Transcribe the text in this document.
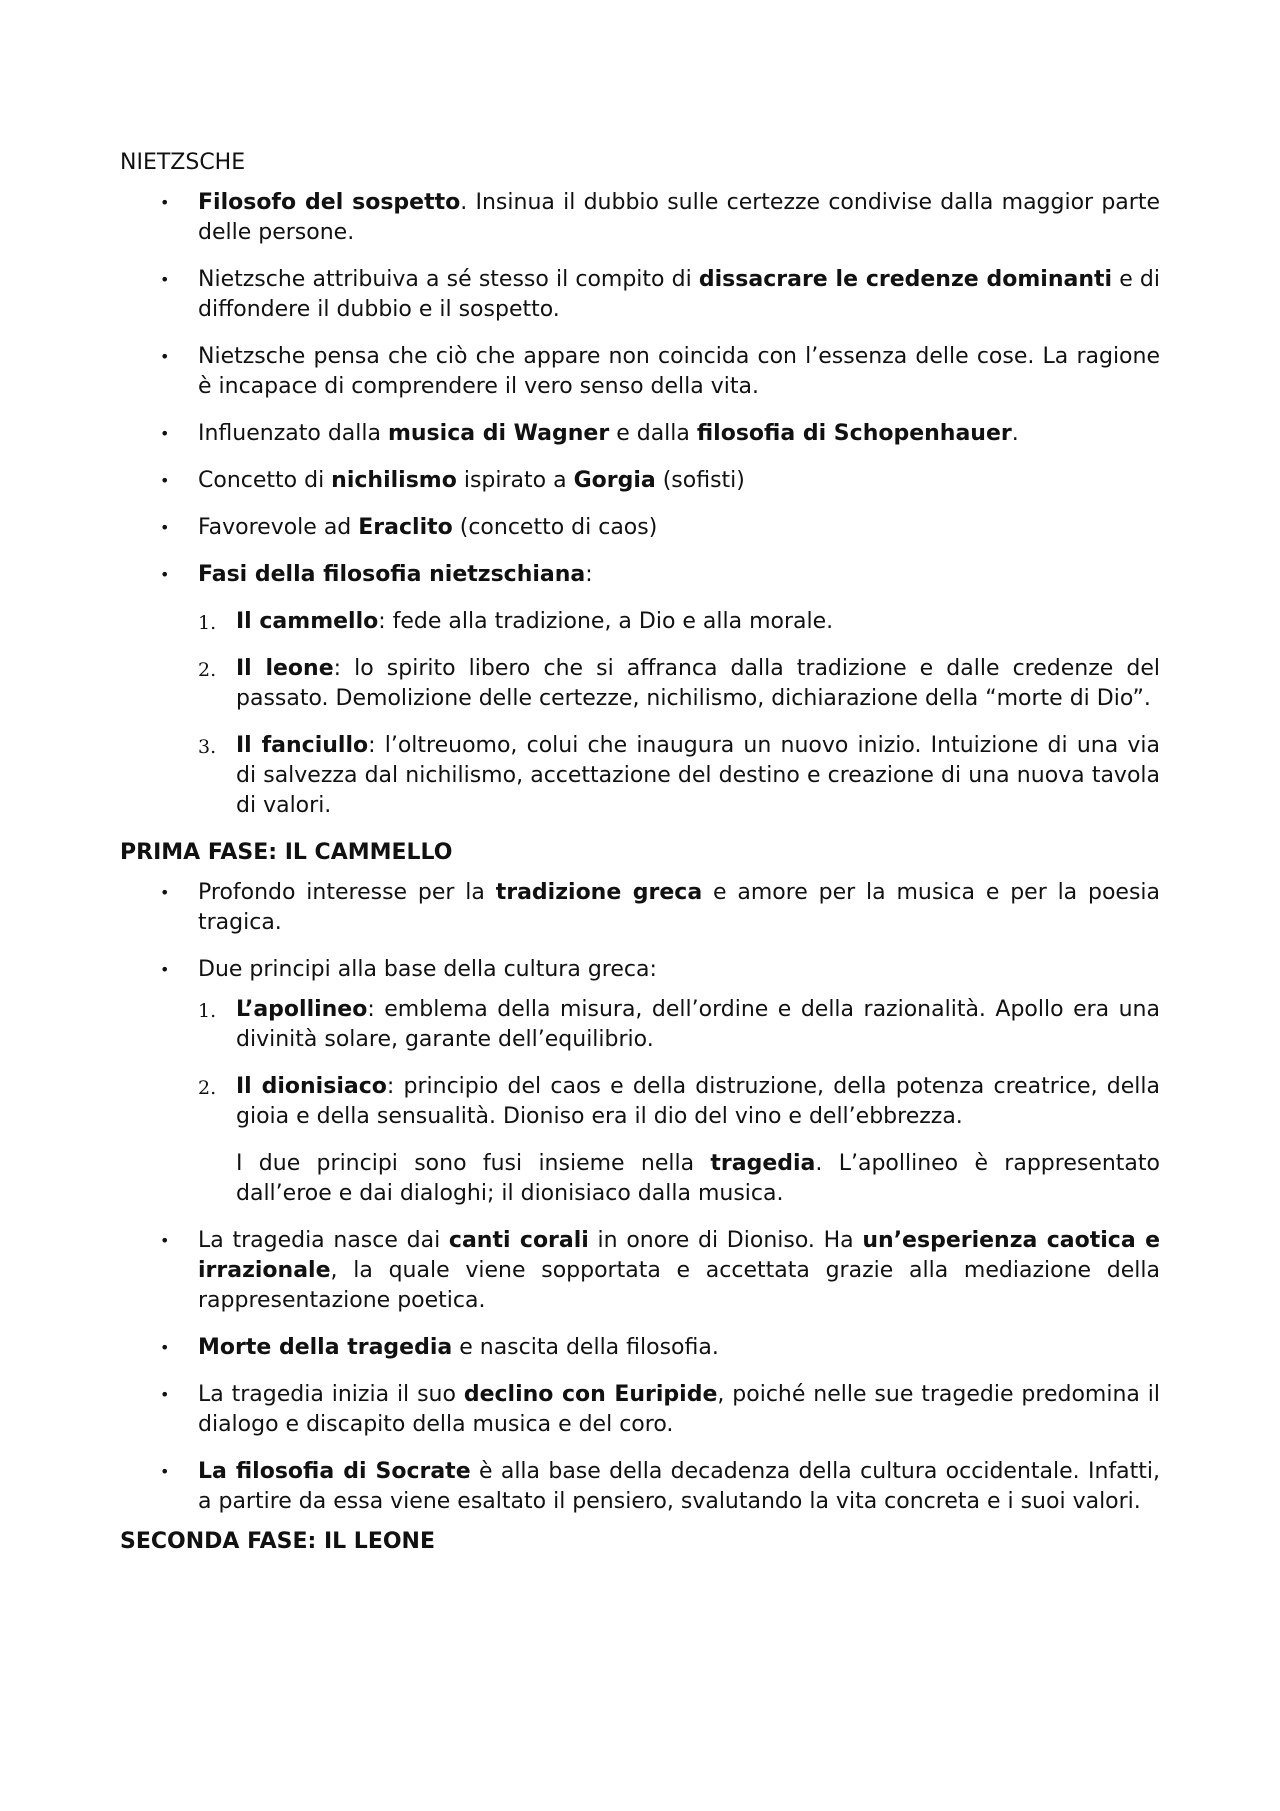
NIETZSCHE
• Filosofo del sospetto. Insinua il dubbio sulle certezze condivise dalla maggior parte delle persone.
• Nietzsche attribuiva a sé stesso il compito di dissacrare le credenze dominanti e di diffondere il dubbio e il sospetto.
• Nietzsche pensa che ciò che appare non coincida con l’essenza delle cose. La ragione è incapace di comprendere il vero senso della vita.
• Influenzato dalla musica di Wagner e dalla filosofia di Schopenhauer.
• Concetto di nichilismo ispirato a Gorgia (sofisti)
• Favorevole ad Eraclito (concetto di caos)
• Fasi della filosofia nietzschiana:
1. Il cammello: fede alla tradizione, a Dio e alla morale.
2. Il leone: lo spirito libero che si affranca dalla tradizione e dalle credenze del passato. Demolizione delle certezze, nichilismo, dichiarazione della “morte di Dio”.
3. Il fanciullo: l’oltreuomo, colui che inaugura un nuovo inizio. Intuizione di una via di salvezza dal nichilismo, accettazione del destino e creazione di una nuova tavola di valori.
PRIMA FASE: IL CAMMELLO
• Profondo interesse per la tradizione greca e amore per la musica e per la poesia tragica.
• Due principi alla base della cultura greca:
1. L’apollineo: emblema della misura, dell’ordine e della razionalità. Apollo era una divinità solare, garante dell’equilibrio.
2. Il dionisiaco: principio del caos e della distruzione, della potenza creatrice, della gioia e della sensualità. Dioniso era il dio del vino e dell’ebbrezza.
I due principi sono fusi insieme nella tragedia. L’apollineo è rappresentato dall’eroe e dai dialoghi; il dionisiaco dalla musica.
• La tragedia nasce dai canti corali in onore di Dioniso. Ha un’esperienza caotica e irrazionale, la quale viene sopportata e accettata grazie alla mediazione della rappresentazione poetica.
• Morte della tragedia e nascita della filosofia.
• La tragedia inizia il suo declino con Euripide, poiché nelle sue tragedie predomina il dialogo e discapito della musica e del coro.
• La filosofia di Socrate è alla base della decadenza della cultura occidentale. Infatti, a partire da essa viene esaltato il pensiero, svalutando la vita concreta e i suoi valori.
SECONDA FASE: IL LEONE
